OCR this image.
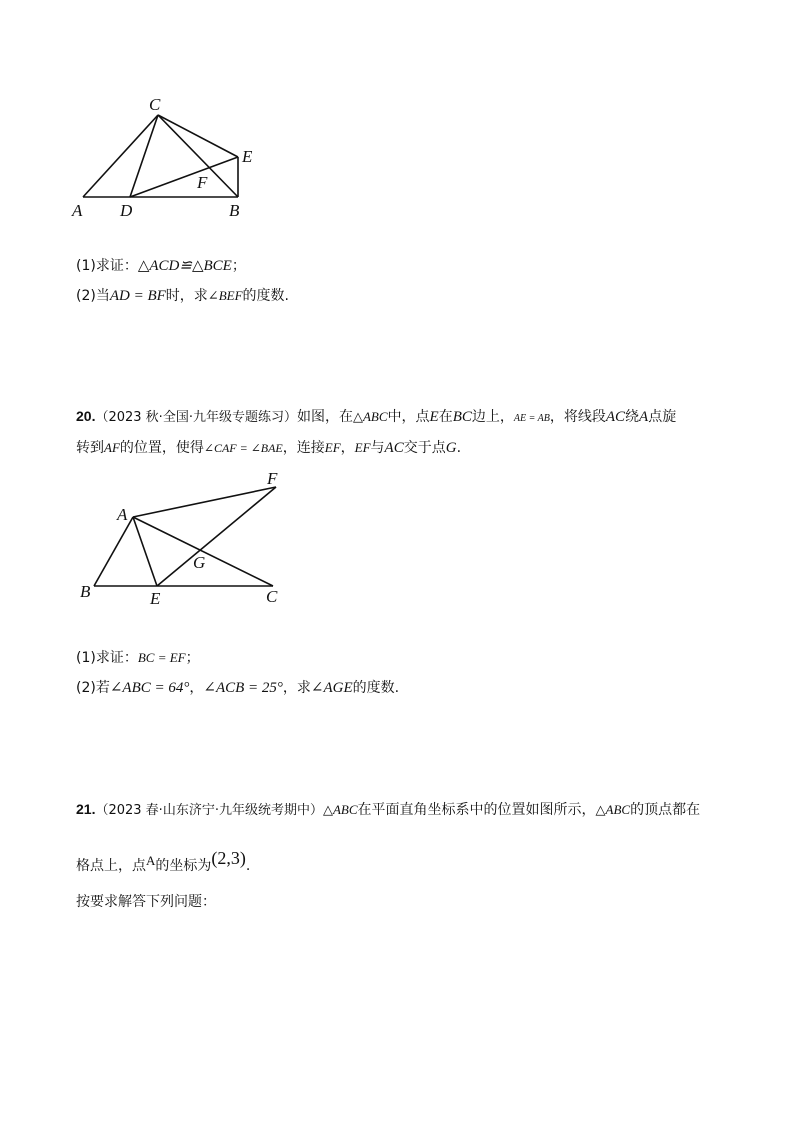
A D	B
C
E
F
(1)求证：△ACD≌△BCE；
(2)当AD = BF时，求∠BEF的度数.
20.（2023 秋·全国·九年级专题练习）如图，在△ABC中，点E在BC边上，AE = AB，将线段AC绕A点旋
转到AF的位置，使得∠CAF = ∠BAE，连接EF，EF与AC交于点G.
A
F
G
B	E	C
(1)求证：BC = EF；
(2)若∠ABC = 64°，∠ACB = 25°，求∠AGE的度数.
21.（2023 春·山东济宁·九年级统考期中）△ABC在平面直角坐标系中的位置如图所示，△ABC的顶点都在
格点上，点A的坐标为(2,3).
按要求解答下列问题：
